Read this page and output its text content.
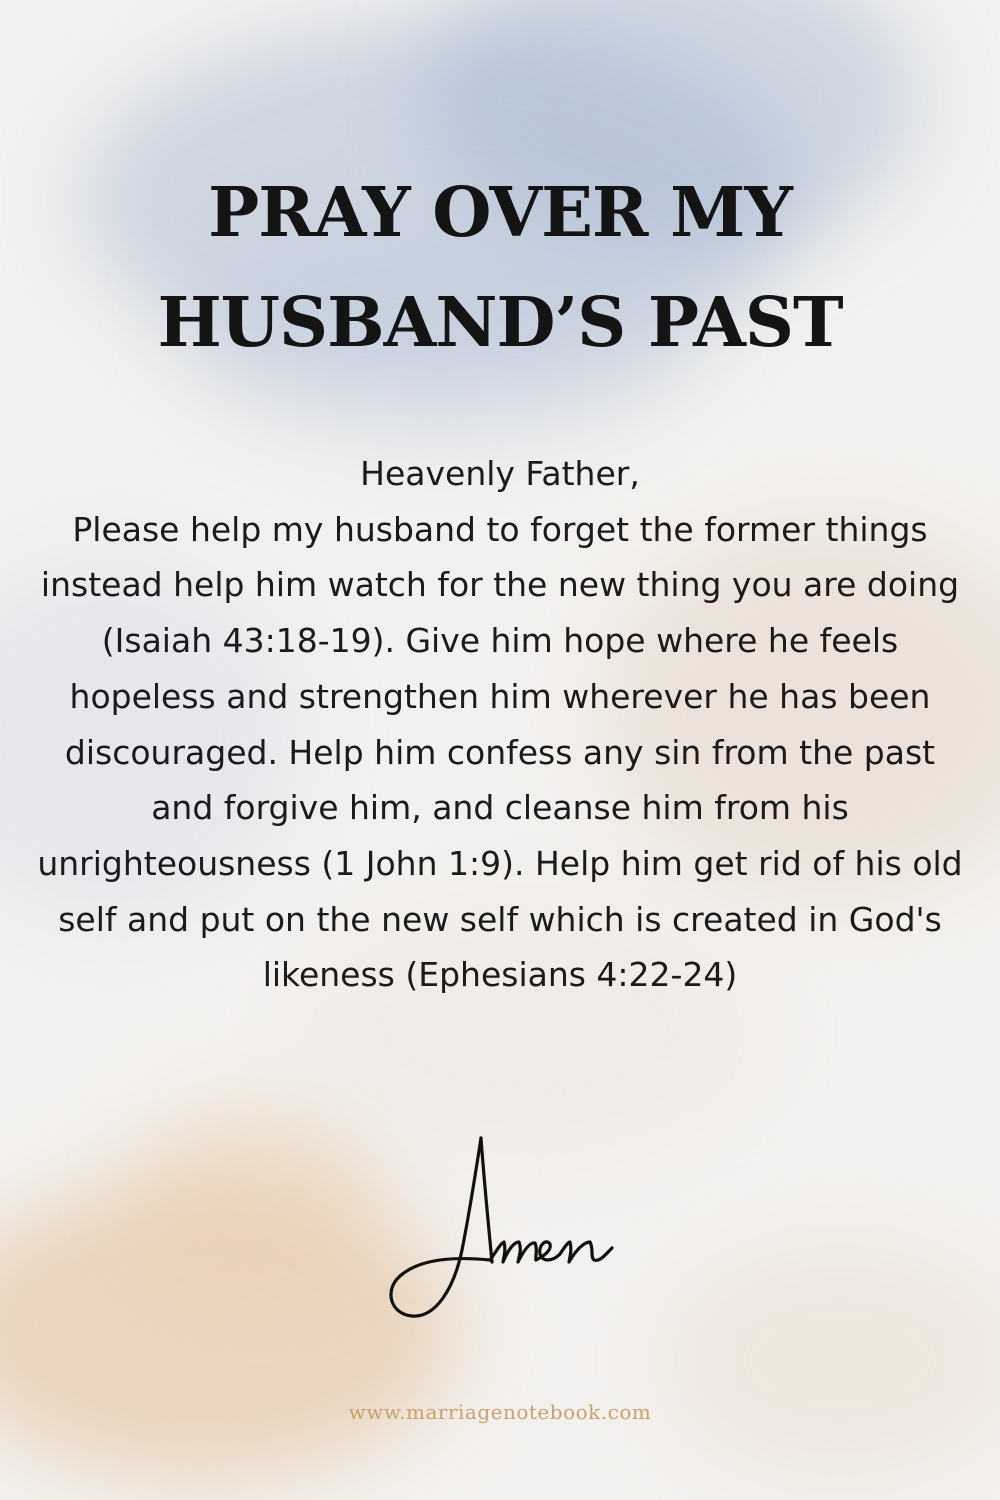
PRAY OVER MY
HUSBAND’S PAST

Heavenly Father,

Please help my husband to forget the former things instead help him watch for the new thing you are doing (Isaiah 43:18-19). Give him hope where he feels hopeless and strengthen him wherever he has been discouraged. Help him confess any sin from the past and forgive him, and cleanse him from his unrighteousness (1 John 1:9). Help him get rid of his old self and put on the new self which is created in God's likeness (Ephesians 4:22-24)

www.marriagenotebook.com
